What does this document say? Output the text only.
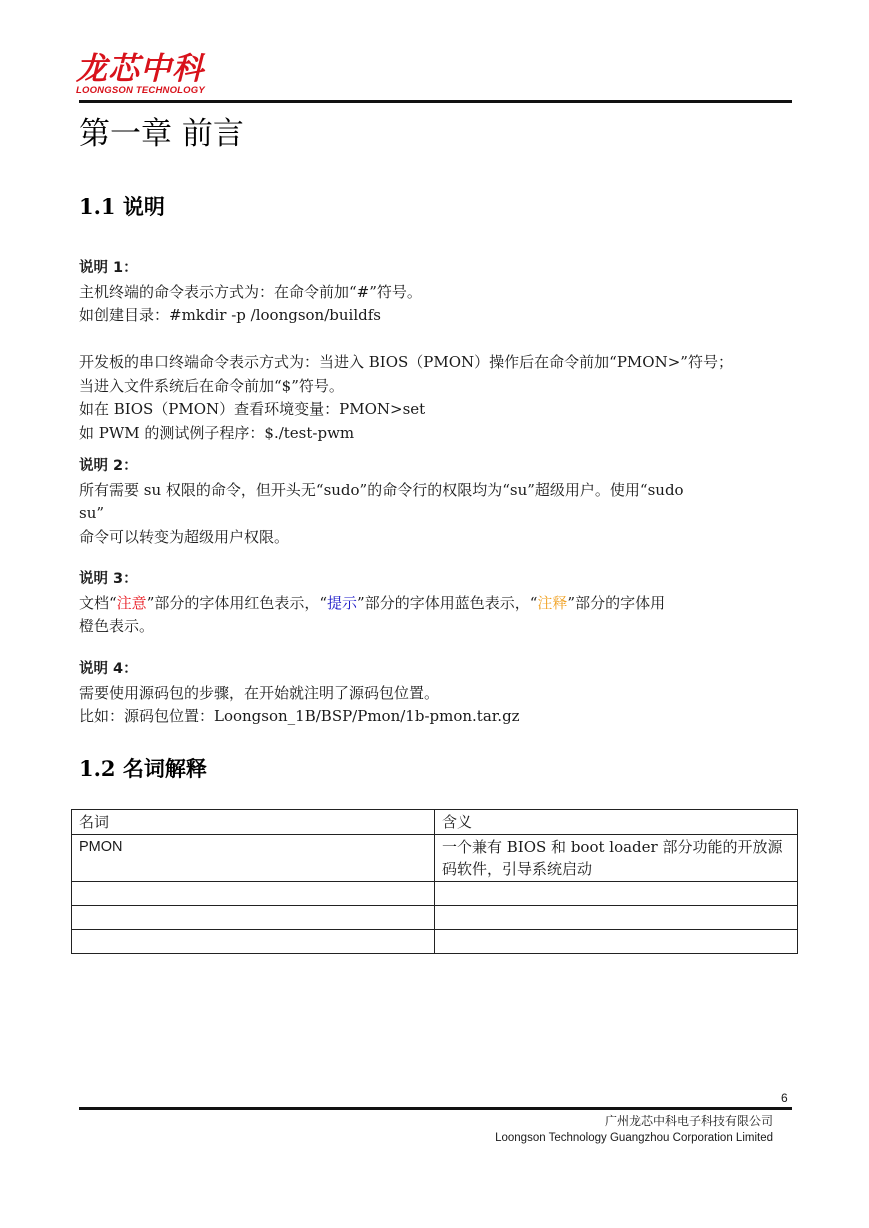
龙芯中科
LOONGSON TECHNOLOGY
第一章 前言
1.1 说明
说明 1：
主机终端的命令表示方式为：在命令前加“#”符号。
如创建目录：#mkdir -p /loongson/buildfs
开发板的串口终端命令表示方式为：当进入 BIOS（PMON）操作后在命令前加“PMON>”符号；
当进入文件系统后在命令前加“$”符号。
如在 BIOS（PMON）查看环境变量：PMON>set
如 PWM 的测试例子程序：$./test-pwm
说明 2：
所有需要 su 权限的命令，但开头无“sudo”的命令行的权限均为“su”超级用户。使用“sudo
su”
命令可以转变为超级用户权限。
说明 3：
文档“注意”部分的字体用红色表示，“提示”部分的字体用蓝色表示，“注释”部分的字体用
橙色表示。
说明 4：
需要使用源码包的步骤，在开始就注明了源码包位置。
比如：源码包位置：Loongson_1B/BSP/Pmon/1b-pmon.tar.gz
1.2 名词解释
名词	含义
PMON	一个兼有 BIOS 和 boot loader 部分功能的开放源码软件，引导系统启动

6
广州龙芯中科电子科技有限公司
Loongson Technology Guangzhou Corporation Limited
